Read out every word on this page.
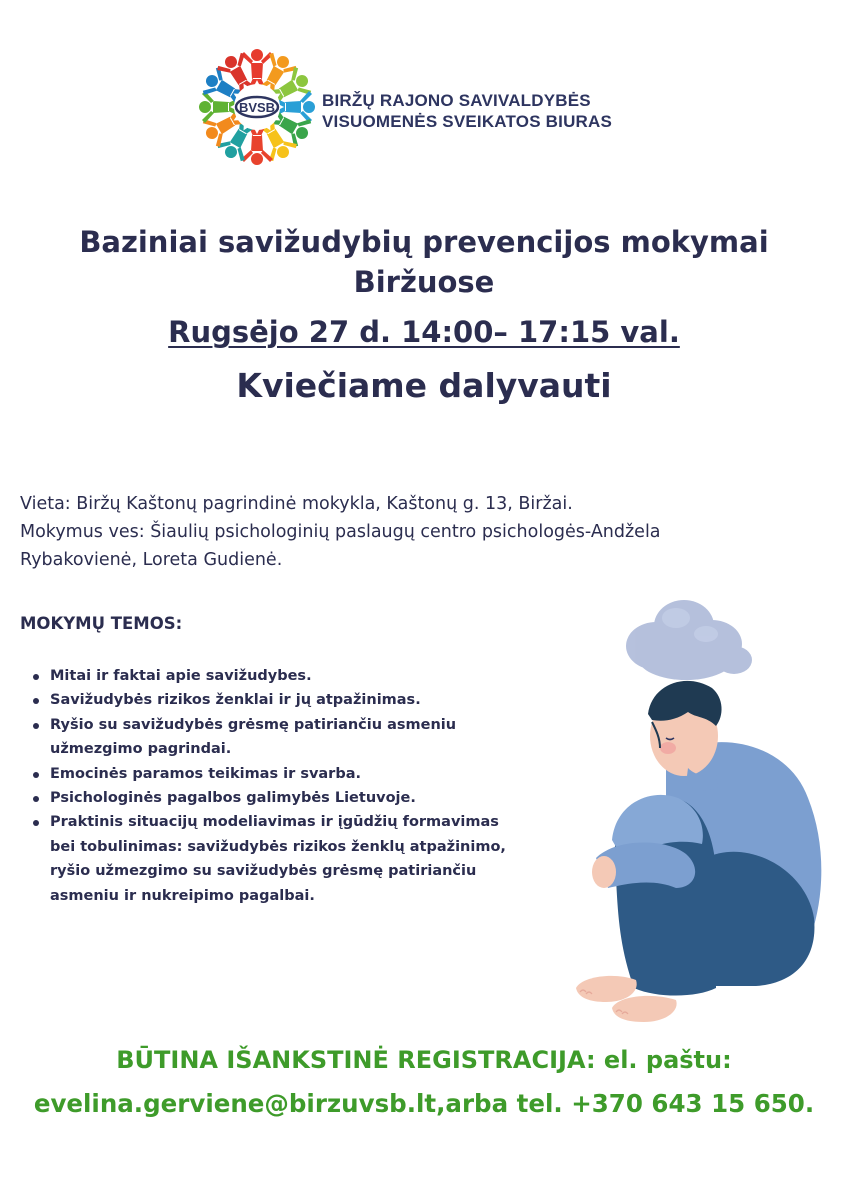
BVSB	BIRŽŲ RAJONO SAVIVALDYBĖS
VISUOMENĖS SVEIKATOS BIURAS
Baziniai savižudybių prevencijos mokymai
Biržuose
Rugsėjo 27 d. 14:00– 17:15 val.
Kviečiame dalyvauti
Vieta: Biržų Kaštonų pagrindinė mokykla, Kaštonų g. 13, Biržai.
Mokymus ves: Šiaulių psichologinių paslaugų centro psichologės-Andžela
Rybakovienė, Loreta Gudienė.
MOKYMŲ TEMOS:
Mitai ir faktai apie savižudybes.
Savižudybės rizikos ženklai ir jų atpažinimas.
Ryšio su savižudybės grėsmę patiriančiu asmeniu
užmezgimo pagrindai.
Emocinės paramos teikimas ir svarba.
Psichologinės pagalbos galimybės Lietuvoje.
Praktinis situacijų modeliavimas ir įgūdžių formavimas
bei tobulinimas: savižudybės rizikos ženklų atpažinimo,
ryšio užmezgimo su savižudybės grėsmę patiriančiu
asmeniu ir nukreipimo pagalbai.
BŪTINA IŠANKSTINĖ REGISTRACIJA: el. paštu:
evelina.gerviene@birzuvsb.lt,arba tel. +370 643 15 650.
